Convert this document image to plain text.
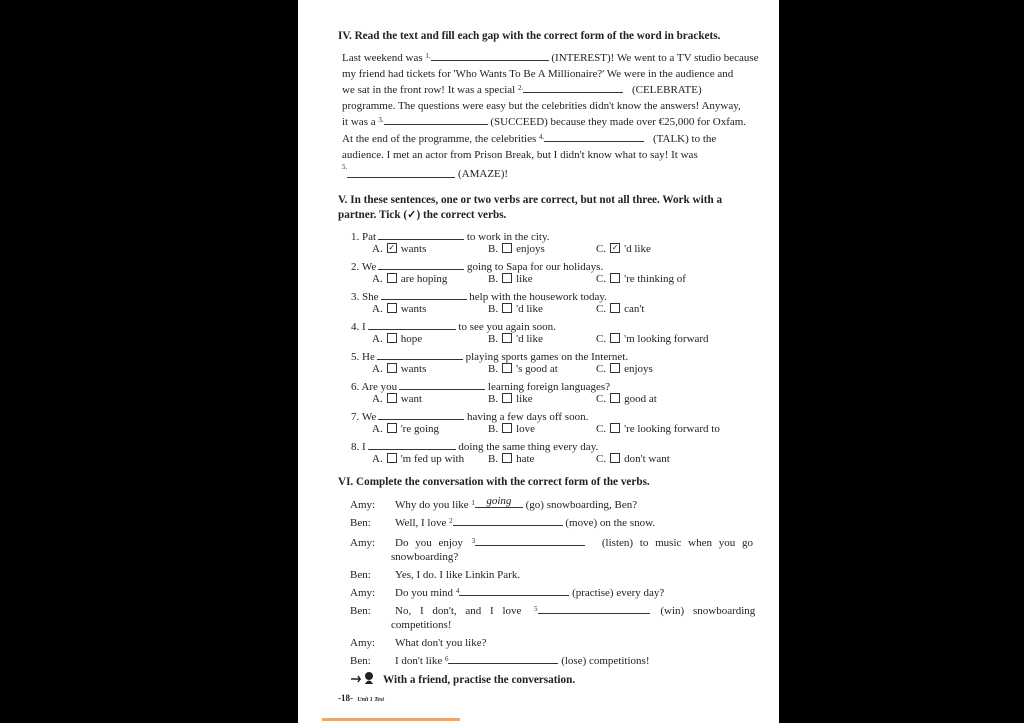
IV. Read the text and fill each gap with the correct form of the word in brackets.
Last weekend was $^{1.}$	(INTEREST)! We went to a TV studio because
my friend had tickets for 'Who Wants To Be A Millionaire?' We were in the audience and
we sat in the front row! It was a special $^{2.}$	(CELEBRATE)
programme. The questions were easy but the celebrities didn't know the answers! Anyway,
it was a $^{3.}$	(SUCCEED) because they made over €25,000 for Oxfam.
At the end of the programme, the celebrities $^{4.}$	(TALK) to the
audience. I met an actor from Prison Break, but I didn't know what to say! It was
$^{5.}$ (AMAZE)!
V. In these sentences, one or two verbs are correct, but not all three. Work with a
partner. Tick (✓) the correct verbs.
1. Pat	to work in the city.
A. ✓ wants	B. enjoys	C. ✓ 'd like
2. We	going to Sapa for our holidays.
A. are hoping	B. like	C. 're thinking of
3. She	help with the housework today.
A. wants	B. 'd like	C. can't
4. I	to see you again soon.
A. hope	B. 'd like	C. 'm looking forward
5. He	playing sports games on the Internet.
A. wants	B. 's good at	C. enjoys
6. Are you	learning foreign languages?
A. want	B. like	C. good at
7. We	having a few days off soon.
A. 're going	B. love	C. 're looking forward to
8. I	doing the same thing every day.
A. 'm fed up with B. hate	C. don't want
VI. Complete the conversation with the correct form of the verbs.
Amy: Why do you like $^1$ going (go) snowboarding, Ben?
Ben: Well, I love $^2$	(move) on the snow.
Amy: Do you enjoy $^3$	(listen) to music when you go
snowboarding?
Ben: Yes, I do. I like Linkin Park.
Amy: Do you mind $^4$	(practise) every day?
Ben: No, I don't, and I love $^5$	(win) snowboarding
competitions!
Amy: What don't you like?
Ben: I don't like $^6$	(lose) competitions!
With a friend, practise the conversation.
-18- Unit 1 Test
